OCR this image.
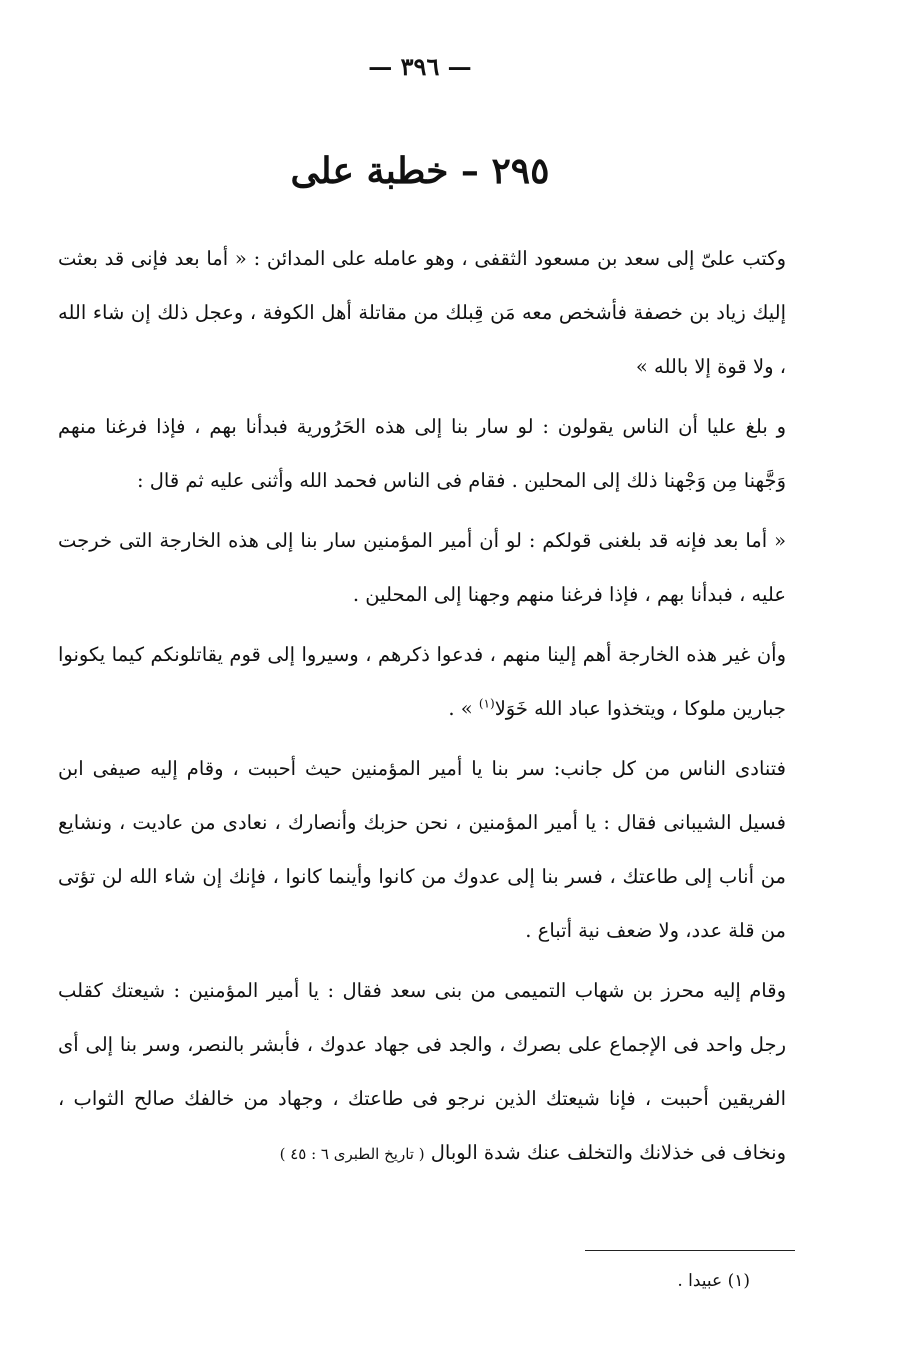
— ٣٩٦ —
٢٩٥ – خطبة على

وكتب علىّ إلى سعد بن مسعود الثقفى ، وهو عامله على المدائن : « أما بعد فإنى قد بعثت إليك زياد بن خصفة فأشخص معه مَن قِبلك من مقاتلة أهل الكوفة ، وعجل ذلك إن شاء الله ، ولا قوة إلا بالله »

و بلغ عليا أن الناس يقولون : لو سار بنا إلى هذه الحَرُورية فبدأنا بهم ، فإذا فرغنا منهم وَجَّهنا مِن وَجْهنا ذلك إلى المحلين . فقام فى الناس فحمد الله وأثنى عليه ثم قال :

« أما بعد فإنه قد بلغنى قولكم : لو أن أمير المؤمنين سار بنا إلى هذه الخارجة التى خرجت عليه ، فبدأنا بهم ، فإذا فرغنا منهم وجهنا إلى المحلين .

وأن غير هذه الخارجة أهم إلينا منهم ، فدعوا ذكرهم ، وسيروا إلى قوم يقاتلونكم كيما يكونوا جبارين ملوكا ، ويتخذوا عباد الله خَوَلا$^{(١)}$ » .

فتنادى الناس من كل جانب: سر بنا يا أمير المؤمنين حيث أحببت ، وقام إليه صيفى ابن فسيل الشيبانى فقال : يا أمير المؤمنين ، نحن حزبك وأنصارك ، نعادى من عاديت ، ونشايع من أناب إلى طاعتك ، فسر بنا إلى عدوك من كانوا وأينما كانوا ، فإنك إن شاء الله لن تؤتى من قلة عدد، ولا ضعف نية أتباع .

وقام إليه محرز بن شهاب التميمى من بنى سعد فقال : يا أمير المؤمنين : شيعتك كقلب رجل واحد فى الإجماع على بصرك ، والجد فى جهاد عدوك ، فأبشر بالنصر، وسر بنا إلى أى الفريقين أحببت ، فإنا شيعتك الذين نرجو فى طاعتك ، وجهاد من خالفك صالح الثواب ، ونخاف فى خذلانك والتخلف عنك شدة الوبال ( تاريخ الطبرى ٦ : ٤٥ )

(١) عبيدا .
